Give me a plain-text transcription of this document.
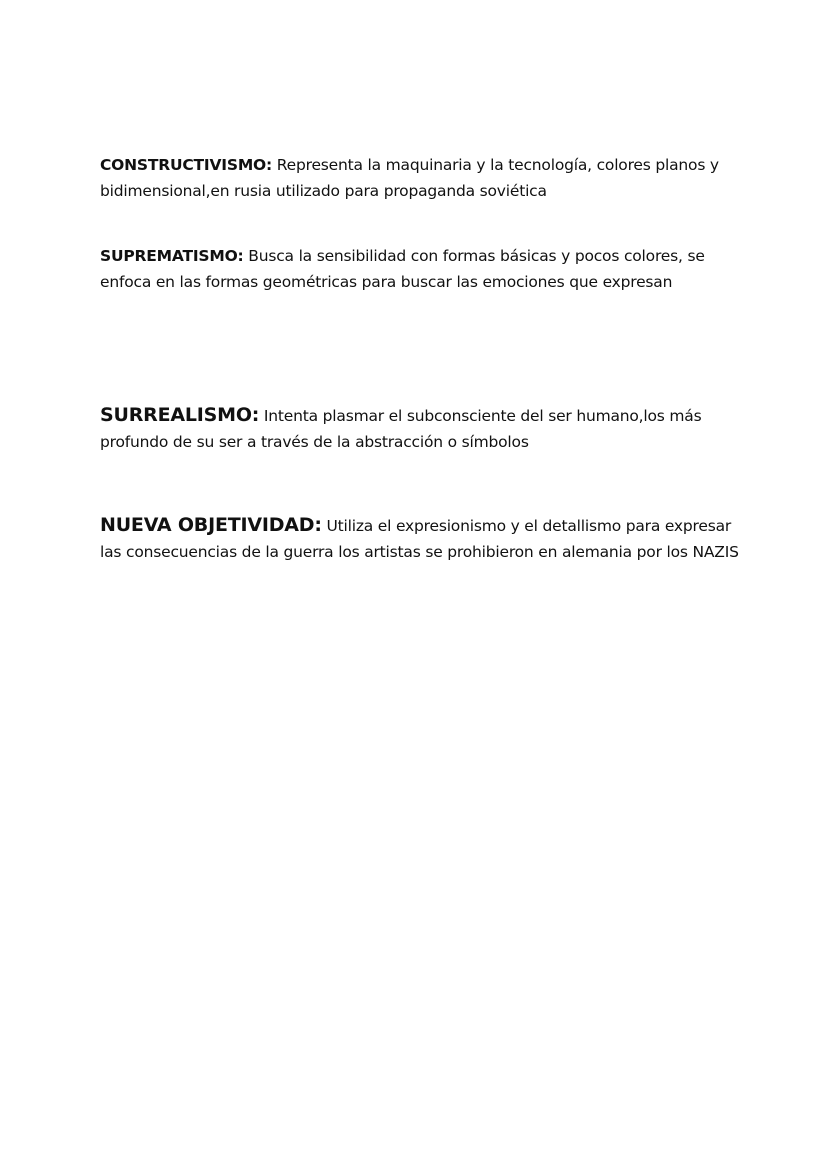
CONSTRUCTIVISMO: Representa la maquinaria y la tecnología, colores planos y bidimensional,en rusia utilizado para propaganda soviética

SUPREMATISMO: Busca la sensibilidad con formas básicas y pocos colores, se enfoca en las formas geométricas para buscar las emociones que expresan

SURREALISMO: Intenta plasmar el subconsciente del ser humano,los más profundo de su ser a través de la abstracción o símbolos

NUEVA OBJETIVIDAD: Utiliza el expresionismo y el detallismo para expresar las consecuencias de la guerra los artistas se prohibieron en alemania por los NAZIS
